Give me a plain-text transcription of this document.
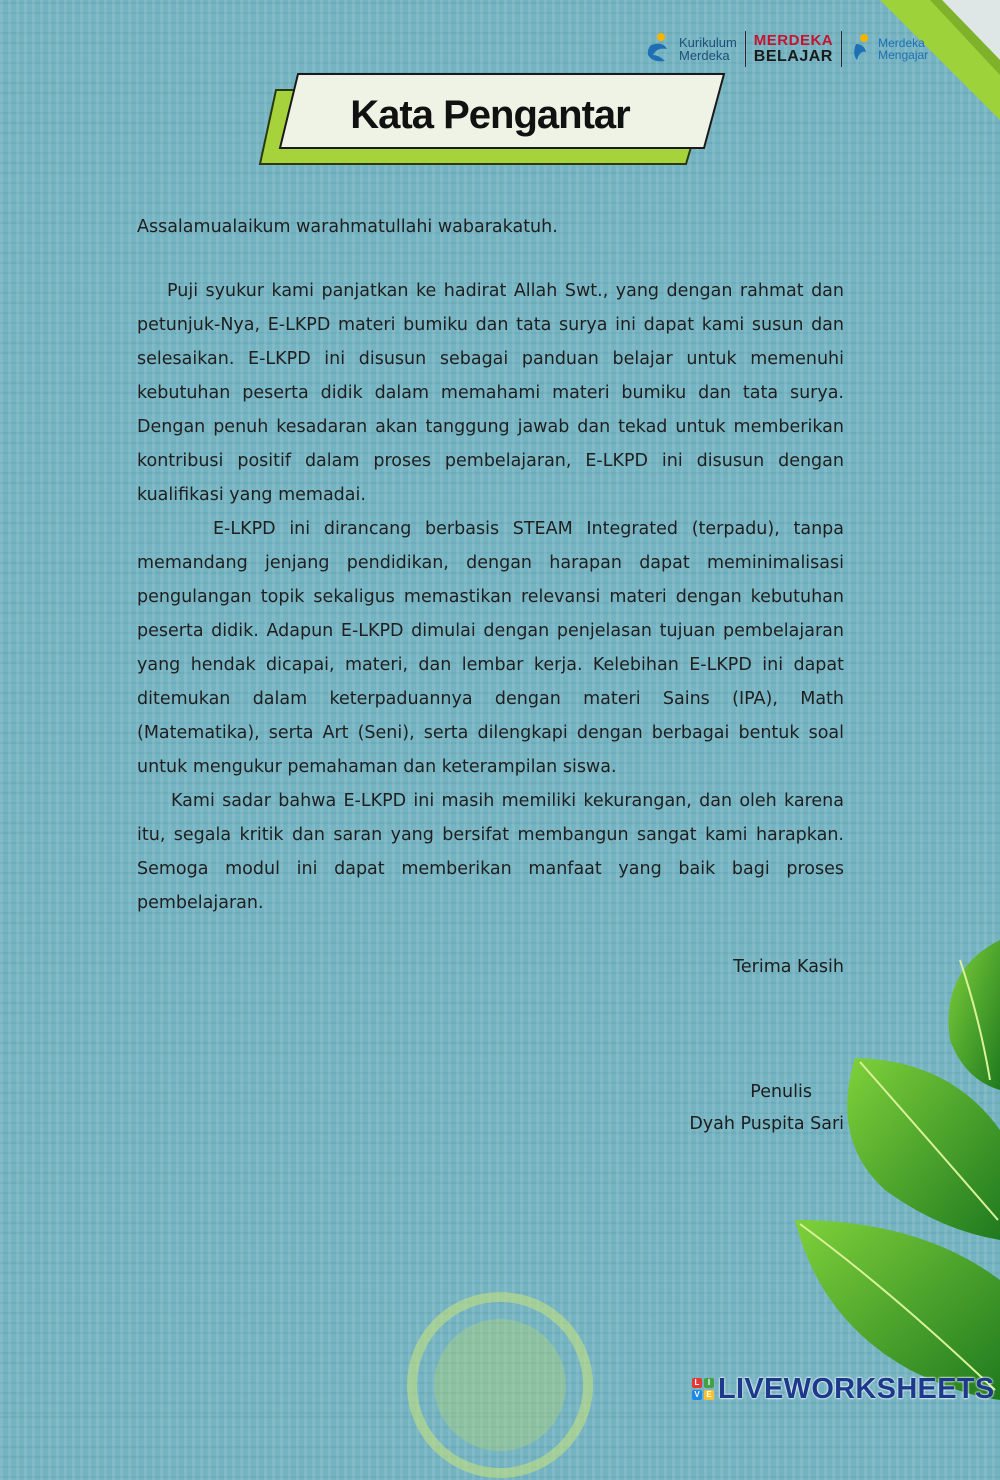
Kurikulum
Merdeka
MERDEKA
BELAJAR
Merdeka
Mengajar
Kata Pengantar

Assalamualaikum warahmatullahi wabarakatuh.

Puji syukur kami panjatkan ke hadirat Allah Swt., yang dengan rahmat dan petunjuk-Nya, E-LKPD materi bumiku dan tata surya ini dapat kami susun dan selesaikan. E-LKPD ini disusun sebagai panduan belajar untuk memenuhi kebutuhan peserta didik dalam memahami materi bumiku dan tata surya. Dengan penuh kesadaran akan tanggung jawab dan tekad untuk memberikan kontribusi positif dalam proses pembelajaran, E-LKPD ini disusun dengan kualifikasi yang memadai.

E-LKPD ini dirancang berbasis STEAM Integrated (terpadu), tanpa memandang jenjang pendidikan, dengan harapan dapat meminimalisasi pengulangan topik sekaligus memastikan relevansi materi dengan kebutuhan peserta didik. Adapun E-LKPD dimulai dengan penjelasan tujuan pembelajaran yang hendak dicapai, materi, dan lembar kerja. Kelebihan E-LKPD ini dapat ditemukan dalam keterpaduannya dengan materi Sains (IPA), Math (Matematika), serta Art (Seni), serta dilengkapi dengan berbagai bentuk soal untuk mengukur pemahaman dan keterampilan siswa.

Kami sadar bahwa E-LKPD ini masih memiliki kekurangan, dan oleh karena itu, segala kritik dan saran yang bersifat membangun sangat kami harapkan. Semoga modul ini dapat memberikan manfaat yang baik bagi proses pembelajaran.

Terima Kasih
Penulis
Dyah Puspita Sari
L	I
V E LIVEWORKSHEETS
